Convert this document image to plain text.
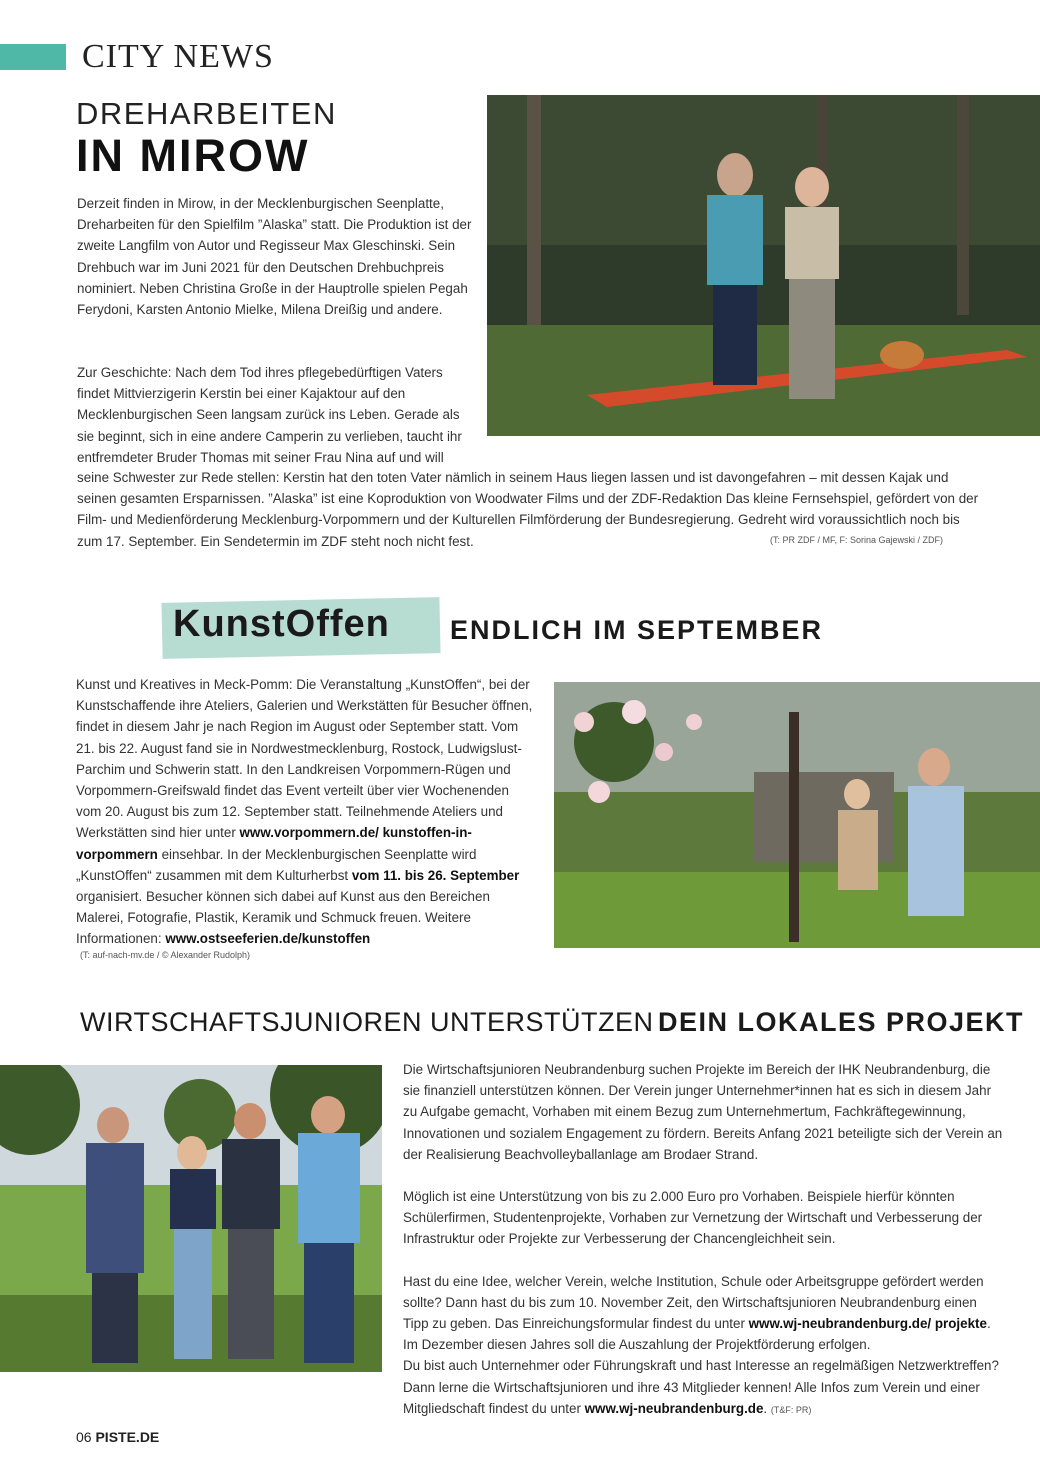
CITY NEWS
DREHARBEITEN
IN MIROW
Derzeit finden in Mirow, in der Mecklenburgischen Seenplatte, Dreharbeiten für den Spielfilm ”Alaska” statt. Die Produktion ist der zweite Langfilm von Autor und Regisseur Max Gleschinski. Sein Drehbuch war im Juni 2021 für den Deutschen Drehbuchpreis nominiert. Neben Christina Große in der Hauptrolle spielen Pegah Ferydoni, Karsten Antonio Mielke, Milena Dreißig und andere.
Zur Geschichte: Nach dem Tod ihres pflegebedürftigen Vaters findet Mittvierzigerin Kerstin bei einer Kajaktour auf den Mecklenburgischen Seen langsam zurück ins Leben. Gerade als sie beginnt, sich in eine andere Camperin zu verlieben, taucht ihr entfremdeter Bruder Thomas mit seiner Frau Nina auf und will
seine Schwester zur Rede stellen: Kerstin hat den toten Vater nämlich in seinem Haus liegen lassen und ist davongefahren – mit dessen Kajak und seinen gesamten Ersparnissen. ”Alaska” ist eine Koproduktion von Woodwater Films und der ZDF-Redaktion Das kleine Fernsehspiel, gefördert von der Film- und Medienförderung Mecklenburg-Vorpommern und der Kulturellen Filmförderung der Bundesregierung. Gedreht wird voraussichtlich noch bis zum 17. September. Ein Sendetermin im ZDF steht noch nicht fest.	(T: PR ZDF / MF, F: Sorina Gajewski / ZDF)
KunstOffen ENDLICH IM SEPTEMBER
Kunst und Kreatives in Meck-Pomm: Die Veranstaltung „KunstOffen“, bei der Kunstschaffende ihre Ateliers, Galerien und Werkstätten für Besucher öffnen, findet in diesem Jahr je nach Region im August oder September statt. Vom 21. bis 22. August fand sie in Nordwestmecklenburg, Rostock, Ludwigslust-Parchim und Schwerin statt. In den Landkreisen Vorpommern-Rügen und Vorpommern-Greifswald findet das Event verteilt über vier Wochenenden vom 20. August bis zum 12. September statt. Teilnehmende Ateliers und Werkstätten sind hier unter www.vorpommern.de/ kunstoffen-in-vorpommern einsehbar. In der Mecklenburgischen Seenplatte wird „KunstOffen“ zusammen mit dem Kulturherbst vom 11. bis 26. September organisiert. Besucher können sich dabei auf Kunst aus den Bereichen Malerei, Fotografie, Plastik, Keramik und Schmuck freuen. Weitere Informationen: www.ostseeferien.de/kunstoffen
(T: auf-nach-mv.de / © Alexander Rudolph)
WIRTSCHAFTSJUNIOREN UNTERSTÜTZEN DEIN LOKALES PROJEKT
Die Wirtschaftsjunioren Neubrandenburg suchen Projekte im Bereich der IHK Neubrandenburg, die sie finanziell unterstützen können. Der Verein junger Unternehmer*innen hat es sich in diesem Jahr zu Aufgabe gemacht, Vorhaben mit einem Bezug zum Unternehmertum, Fachkräftegewinnung, Innovationen und sozialem Engagement zu fördern. Bereits Anfang 2021 beteiligte sich der Verein an der Realisierung Beachvolleyballanlage am Brodaer Strand.
Möglich ist eine Unterstützung von bis zu 2.000 Euro pro Vorhaben. Beispiele hierfür könnten Schülerfirmen, Studentenprojekte, Vorhaben zur Vernetzung der Wirtschaft und Verbesserung der Infrastruktur oder Projekte zur Verbesserung der Chancengleichheit sein.
Hast du eine Idee, welcher Verein, welche Institution, Schule oder Arbeitsgruppe gefördert werden sollte? Dann hast du bis zum 10. November Zeit, den Wirtschaftsjunioren Neubrandenburg einen Tipp zu geben. Das Einreichungsformular findest du unter www.wj-neubrandenburg.de/ projekte. Im Dezember diesen Jahres soll die Auszahlung der Projektförderung erfolgen.
Du bist auch Unternehmer oder Führungskraft und hast Interesse an regelmäßigen Netzwerktreffen? Dann lerne die Wirtschaftsjunioren und ihre 43 Mitglieder kennen! Alle Infos zum Verein und einer Mitgliedschaft findest du unter www.wj-neubrandenburg.de. (T&F: PR)
06 PISTE.DE
